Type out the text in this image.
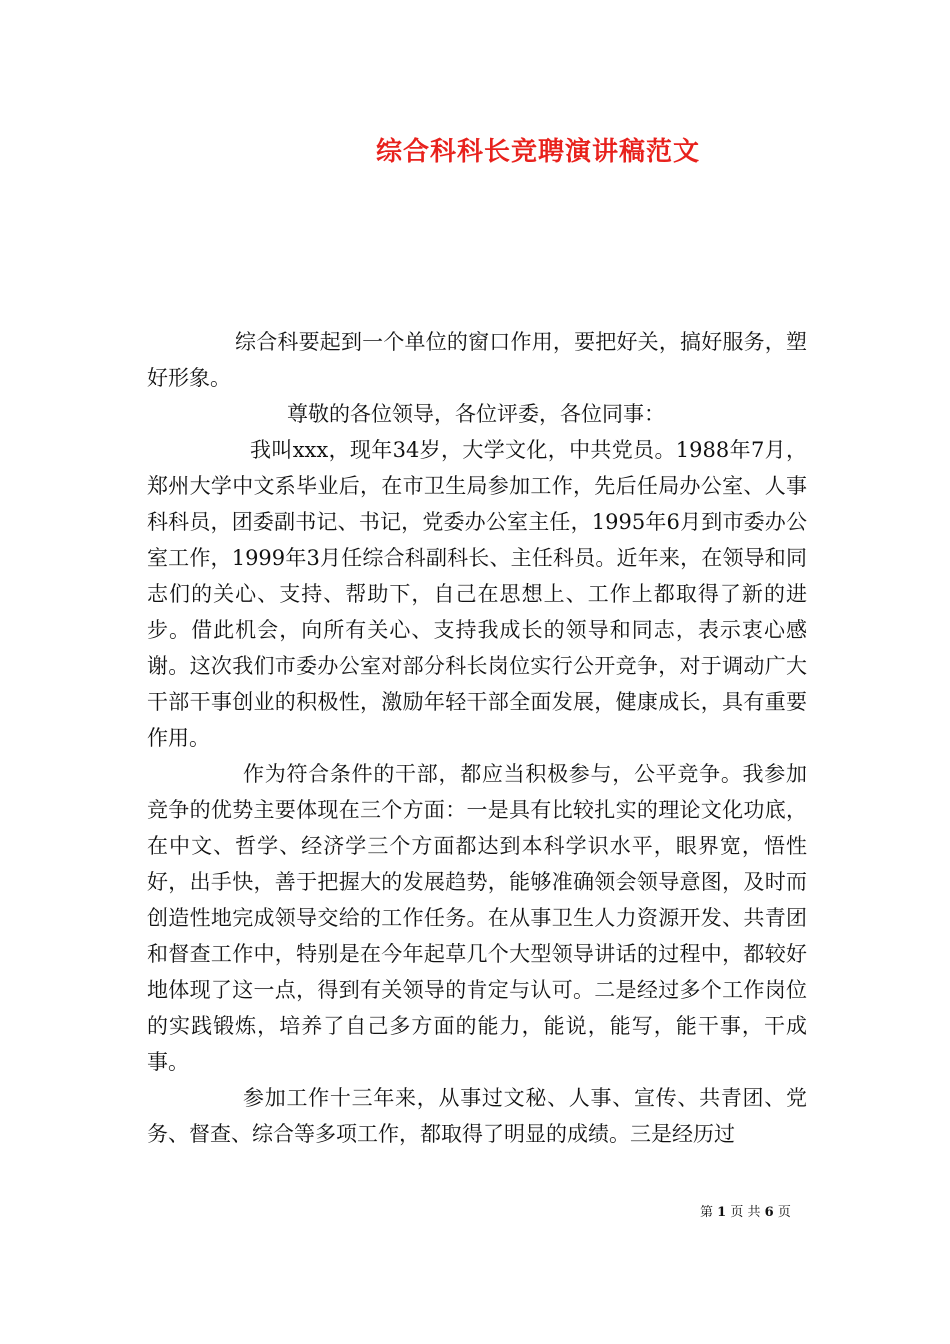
综合科科长竞聘演讲稿范文

综合科要起到一个单位的窗口作用，要把好关，搞好服务，塑好形象。

尊敬的各位领导，各位评委，各位同事：

我叫xxx，现年34岁，大学文化，中共党员。1988年7月，郑州大学中文系毕业后，在市卫生局参加工作，先后任局办公室、人事科科员，团委副书记、书记，党委办公室主任，1995年6月到市委办公室工作，1999年3月任综合科副科长、主任科员。近年来，在领导和同志们的关心、支持、帮助下，自己在思想上、工作上都取得了新的进步。借此机会，向所有关心、支持我成长的领导和同志，表示衷心感谢。这次我们市委办公室对部分科长岗位实行公开竞争，对于调动广大干部干事创业的积极性，激励年轻干部全面发展，健康成长，具有重要作用。

作为符合条件的干部，都应当积极参与，公平竞争。我参加竞争的优势主要体现在三个方面：一是具有比较扎实的理论文化功底，在中文、哲学、经济学三个方面都达到本科学识水平，眼界宽，悟性好，出手快，善于把握大的发展趋势，能够准确领会领导意图，及时而创造性地完成领导交给的工作任务。在从事卫生人力资源开发、共青团和督查工作中，特别是在今年起草几个大型领导讲话的过程中，都较好地体现了这一点，得到有关领导的肯定与认可。二是经过多个工作岗位的实践锻炼，培养了自己多方面的能力，能说，能写，能干事，干成事。

参加工作十三年来，从事过文秘、人事、宣传、共青团、党务、督查、综合等多项工作，都取得了明显的成绩。三是经历过

第 1 页 共 6 页
